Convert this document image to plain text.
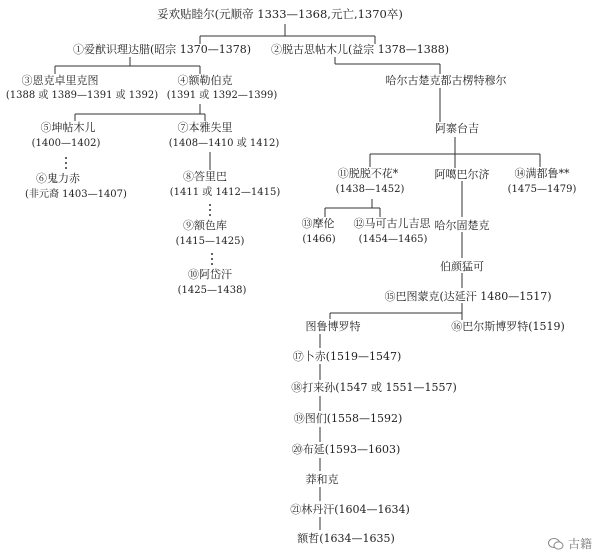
妥欢贴睦尔(元顺帝 1333—1368,元亡,1370卒)
①爱猷识理达腊(昭宗 1370—1378) ②脱古思帖木儿(益宗 1378—1388)
③恩克卓里克图
(1388 或 1389—1391 或 1392)
④额勒伯克
(1391 或 1392—1399)
哈尔古楚克都古楞特穆尔
⑤坤帖木儿
(1400—1402)
⑦本雅失里
(1408—1410 或 1412)
阿寨台吉
⑥鬼力赤
(非元裔 1403—1407)
⑧答里巴
(1411 或 1412—1415)
⑪脱脱不花*
(1438—1452)
阿噶巴尔济 ⑭满都鲁**
(1475—1479)
⑨额色库
(1415—1425)
⑬摩伦
(1466)
⑫马可古儿吉思
(1454—1465)
哈尔固楚克
⑩阿岱汗
(1425—1438)
伯颜猛可
⑮巴图蒙克(达延汗 1480—1517)
图鲁博罗特	⑯巴尔斯博罗特(1519)
⑰卜赤(1519—1547)
⑱打来孙(1547 或 1551—1557)
⑲图们(1558—1592)
⑳布延(1593—1603)
莽和克
㉑林丹汗(1604—1634)
额哲(1634—1635)	古籍
